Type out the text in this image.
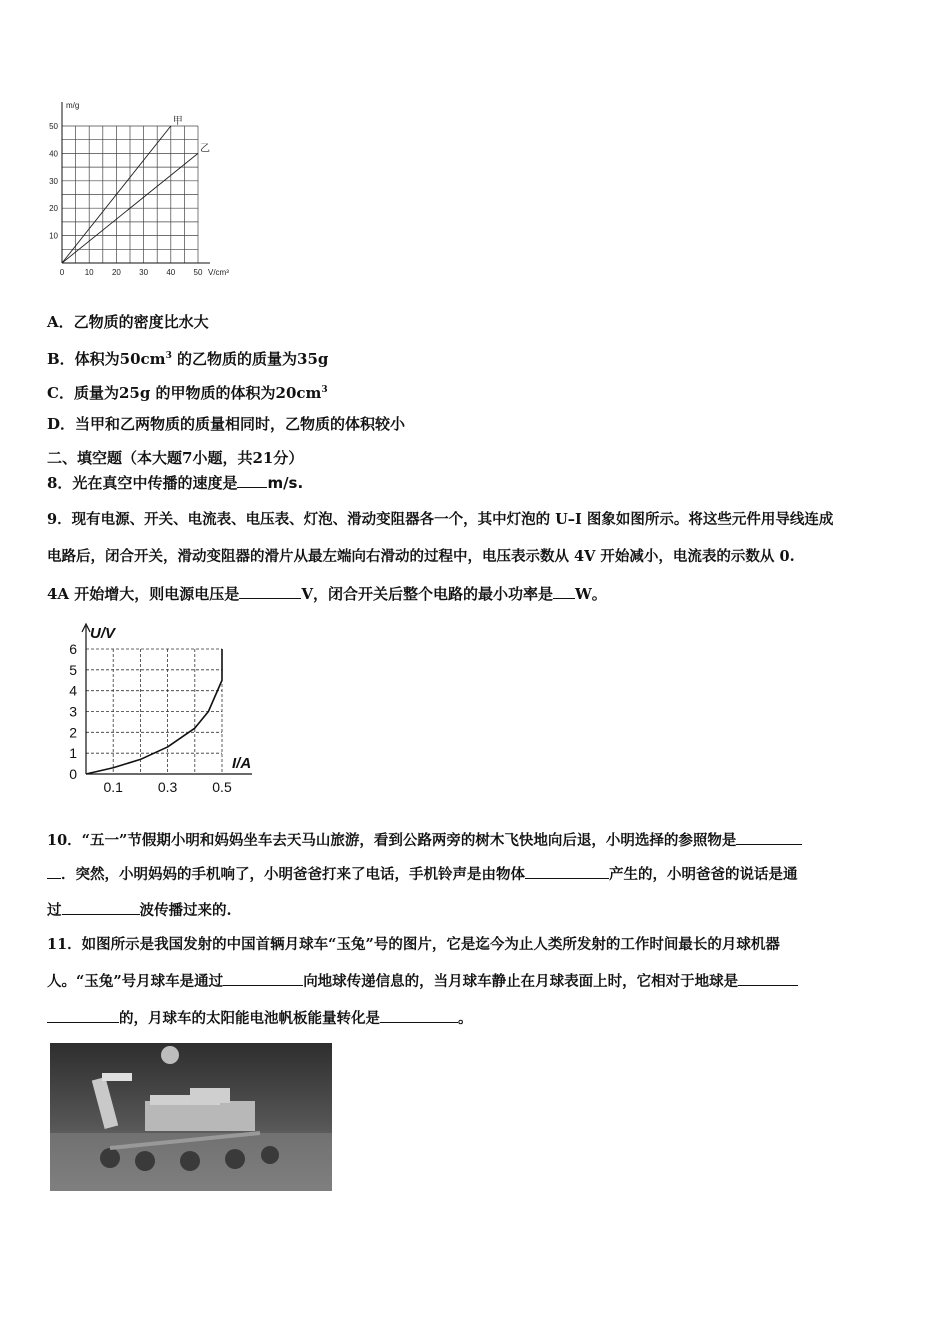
0	10 20 30 40 50
10
20
30
40
50
m/g
V/cm³
甲
乙
A．乙物质的密度比水大
B．体积为$50cm^3$ 的乙物质的质量为35g
C．质量为25g 的甲物质的体积为$20cm^3$
D．当甲和乙两物质的质量相同时，乙物质的体积较小
二、填空题（本大题7小题，共21分）
8．光在真空中传播的速度是 m/s.
9．现有电源、开关、电流表、电压表、灯泡、滑动变阻器各一个，其中灯泡的 U–I 图象如图所示。将这些元件用导线连成
电路后，闭合开关，滑动变阻器的滑片从最左端向右滑动的过程中，电压表示数从 4V 开始减小，电流表的示数从 0.
4A 开始增大，则电源电压是	V，闭合开关后整个电路的最小功率是 W。
0
1
2
3
4
5
6
0.1 0.3 0.5
U/V
I/A
10．“五一”节假期小明和妈妈坐车去天马山旅游，看到公路两旁的树木飞快地向后退，小明选择的参照物是
．突然，小明妈妈的手机响了，小明爸爸打来了电话，手机铃声是由物体	产生的，小明爸爸的说话是通
过	波传播过来的.
11．如图所示是我国发射的中国首辆月球车“玉兔”号的图片，它是迄今为止人类所发射的工作时间最长的月球机器
人。“玉兔”号月球车是通过	向地球传递信息的，当月球车静止在月球表面上时，它相对于地球是
的，月球车的太阳能电池帆板能量转化是	。
